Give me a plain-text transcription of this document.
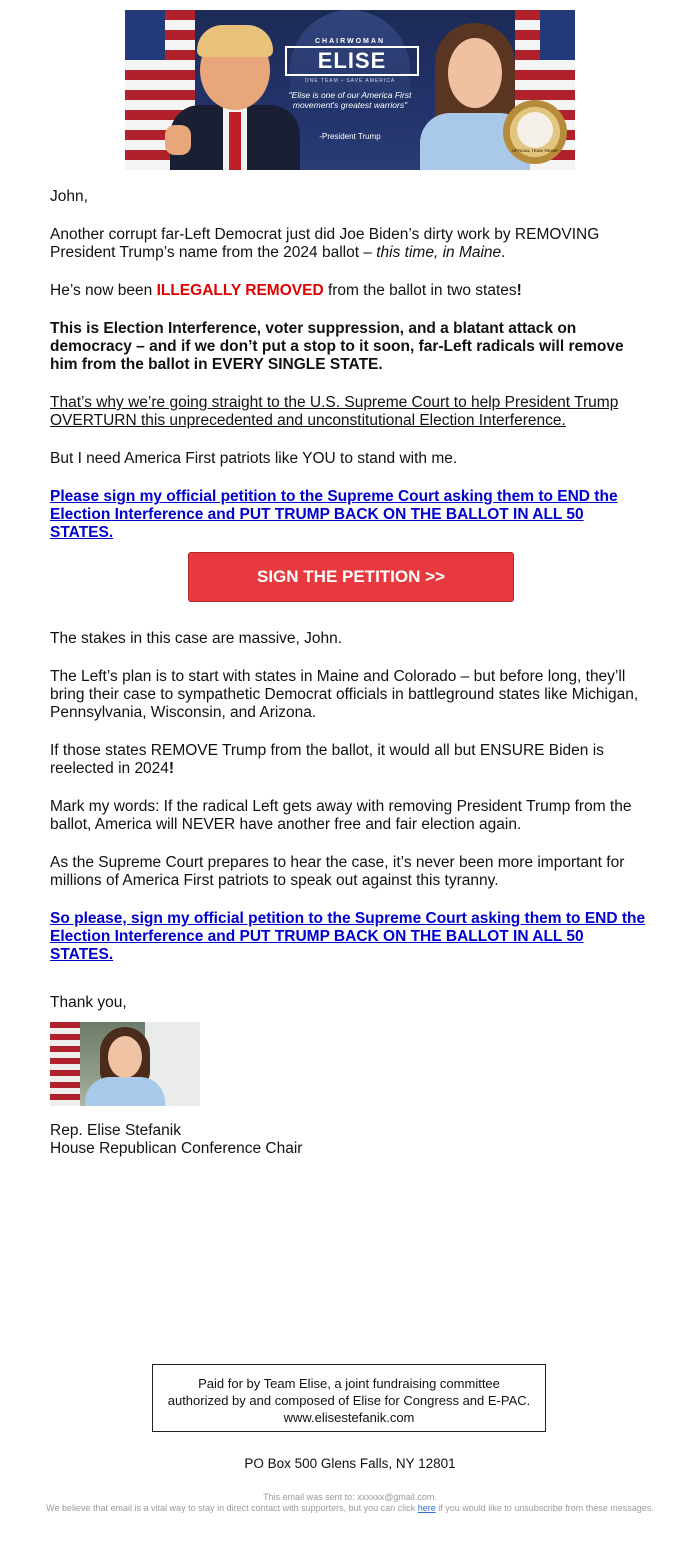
CHAIRWOMAN
ELISE
ONE TEAM • SAVE AMERICA
"Elise is one of our America First movement's greatest warriors"
-President Trump
OFFICIAL TEAM TRUMP

John,

Another corrupt far-Left Democrat just did Joe Biden’s dirty work by REMOVING President Trump’s name from the 2024 ballot – this time, in Maine.

He’s now been ILLEGALLY REMOVED from the ballot in two states!

This is Election Interference, voter suppression, and a blatant attack on democracy – and if we don’t put a stop to it soon, far-Left radicals will remove him from the ballot in EVERY SINGLE STATE.

That’s why we’re going straight to the U.S. Supreme Court to help President Trump OVERTURN this unprecedented and unconstitutional Election Interference.

But I need America First patriots like YOU to stand with me.

Please sign my official petition to the Supreme Court asking them to END the Election Interference and PUT TRUMP BACK ON THE BALLOT IN ALL 50 STATES.

SIGN THE PETITION >>

The stakes in this case are massive, John.

The Left’s plan is to start with states in Maine and Colorado – but before long, they’ll bring their case to sympathetic Democrat officials in battleground states like Michigan, Pennsylvania, Wisconsin, and Arizona.

If those states REMOVE Trump from the ballot, it would all but ENSURE Biden is reelected in 2024!

Mark my words: If the radical Left gets away with removing President Trump from the ballot, America will NEVER have another free and fair election again.

As the Supreme Court prepares to hear the case, it’s never been more important for millions of America First patriots to speak out against this tyranny.

So please, sign my official petition to the Supreme Court asking them to END the Election Interference and PUT TRUMP BACK ON THE BALLOT IN ALL 50 STATES.

Thank you,

Rep. Elise Stefanik

House Republican Conference Chair

Paid for by Team Elise, a joint fundraising committee authorized by and composed of Elise for Congress and E-PAC. www.elisestefanik.com
PO Box 500 Glens Falls, NY 12801
This email was sent to: xxxxxx@gmail.com.
We believe that email is a vital way to stay in direct contact with supporters, but you can click here if you would like to unsubscribe from these messages.
